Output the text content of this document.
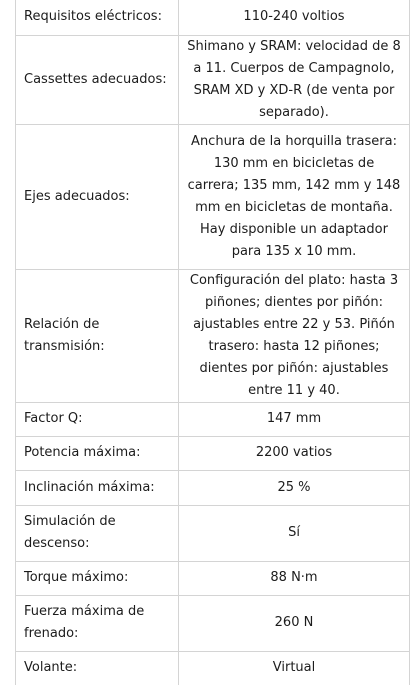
Requisitos eléctricos:	110-240 voltios
Cassettes adecuados:	Shimano y SRAM: velocidad de 8 a 11. Cuerpos de Campagnolo, SRAM XD y XD-R (de venta por separado).
Ejes adecuados:	Anchura de la horquilla trasera: 130 mm en bicicletas de carrera; 135 mm, 142 mm y 148 mm en bicicletas de montaña. Hay disponible un adaptador para 135 x 10 mm.
Relación de transmisión:	Configuración del plato: hasta 3 piñones; dientes por piñón: ajustables entre 22 y 53. Piñón trasero: hasta 12 piñones; dientes por piñón: ajustables entre 11 y 40.
Factor Q:	147 mm
Potencia máxima:	2200 vatios
Inclinación máxima:	25 %
Simulación de descenso:	Sí
Torque máximo:	88 N·m
Fuerza máxima de frenado:	260 N
Volante:	Virtual
